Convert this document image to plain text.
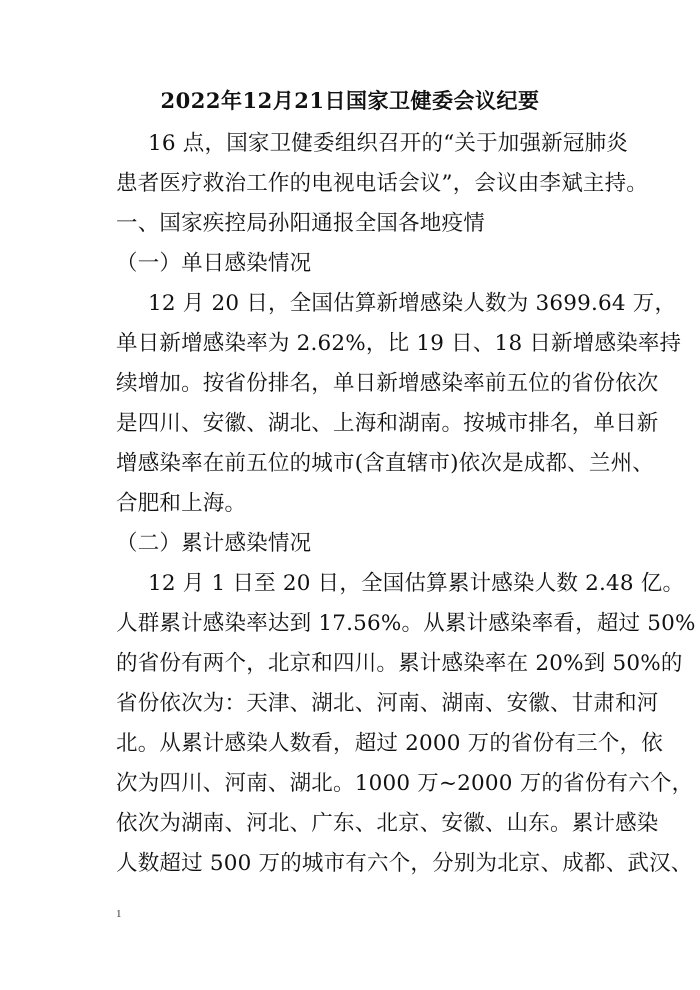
2022年12月21日国家卫健委会议纪要
16 点，国家卫健委组织召开的“关于加强新冠肺炎
患者医疗救治工作的电视电话会议”，会议由李斌主持。
一、国家疾控局孙阳通报全国各地疫情
（一）单日感染情况
12 月 20 日，全国估算新增感染人数为 3699.64 万，
单日新增感染率为 2.62%，比 19 日、18 日新增感染率持
续增加。按省份排名，单日新增感染率前五位的省份依次
是四川、安徽、湖北、上海和湖南。按城市排名，单日新
增感染率在前五位的城市(含直辖市)依次是成都、兰州、
合肥和上海。
（二）累计感染情况
12 月 1 日至 20 日，全国估算累计感染人数 2.48 亿。
人群累计感染率达到 17.56%。从累计感染率看，超过 50%
的省份有两个，北京和四川。累计感染率在 20%到 50%的
省份依次为：天津、湖北、河南、湖南、安徽、甘肃和河
北。从累计感染人数看，超过 2000 万的省份有三个，依
次为四川、河南、湖北。1000 万~2000 万的省份有六个，
依次为湖南、河北、广东、北京、安徽、山东。累计感染
人数超过 500 万的城市有六个，分别为北京、成都、武汉、
1
